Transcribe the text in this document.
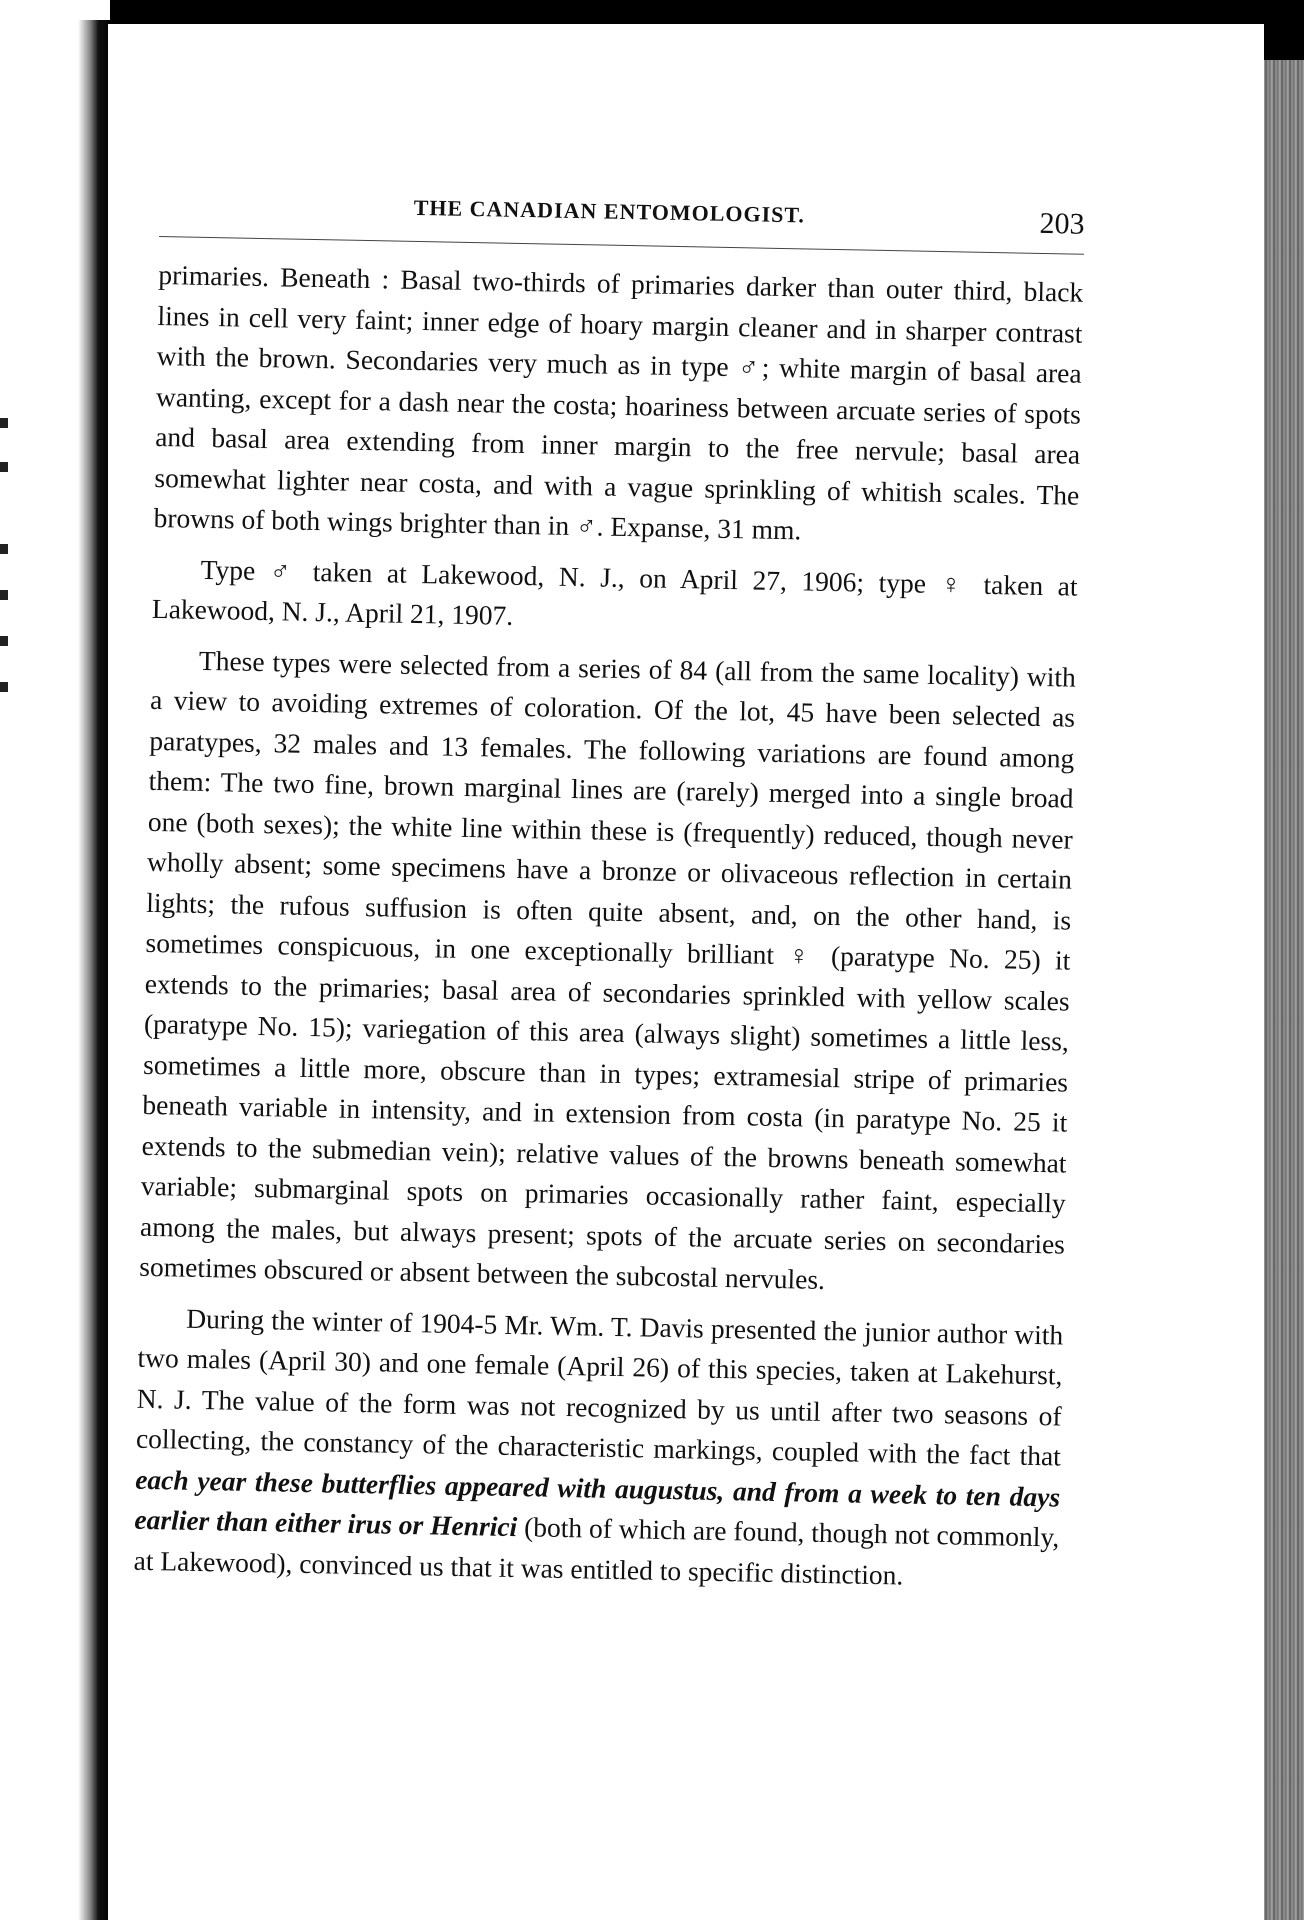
THE CANADIAN ENTOMOLOGIST.	203

primaries. Beneath : Basal two-thirds of primaries darker than outer third, black lines in cell very faint; inner edge of hoary margin cleaner and in sharper contrast with the brown. Secondaries very much as in type ♂; white margin of basal area wanting, except for a dash near the costa; hoariness between arcuate series of spots and basal area extending from inner margin to the free nervule; basal area somewhat lighter near costa, and with a vague sprinkling of whitish scales. The browns of both wings brighter than in ♂. Expanse, 31 mm.

Type ♂ taken at Lakewood, N. J., on April 27, 1906; type ♀ taken at Lakewood, N. J., April 21, 1907.

These types were selected from a series of 84 (all from the same locality) with a view to avoiding extremes of coloration. Of the lot, 45 have been selected as paratypes, 32 males and 13 females. The following variations are found among them: The two fine, brown marginal lines are (rarely) merged into a single broad one (both sexes); the white line within these is (frequently) reduced, though never wholly absent; some specimens have a bronze or olivaceous reflection in certain lights; the rufous suffusion is often quite absent, and, on the other hand, is sometimes conspicuous, in one exceptionally brilliant ♀ (paratype No. 25) it extends to the primaries; basal area of secondaries sprinkled with yellow scales (paratype No. 15); variegation of this area (always slight) sometimes a little less, sometimes a little more, obscure than in types; extramesial stripe of primaries beneath variable in intensity, and in extension from costa (in paratype No. 25 it extends to the submedian vein); relative values of the browns beneath somewhat variable; submarginal spots on primaries occasionally rather faint, especially among the males, but always present; spots of the arcuate series on secondaries sometimes obscured or absent between the subcostal nervules.

During the winter of 1904-5 Mr. Wm. T. Davis presented the junior author with two males (April 30) and one female (April 26) of this species, taken at Lakehurst, N. J. The value of the form was not recognized by us until after two seasons of collecting, the constancy of the characteristic markings, coupled with the fact that each year these butterflies appeared with augustus, and from a week to ten days earlier than either irus or Henrici (both of which are found, though not commonly, at Lakewood), convinced us that it was entitled to specific distinction.
